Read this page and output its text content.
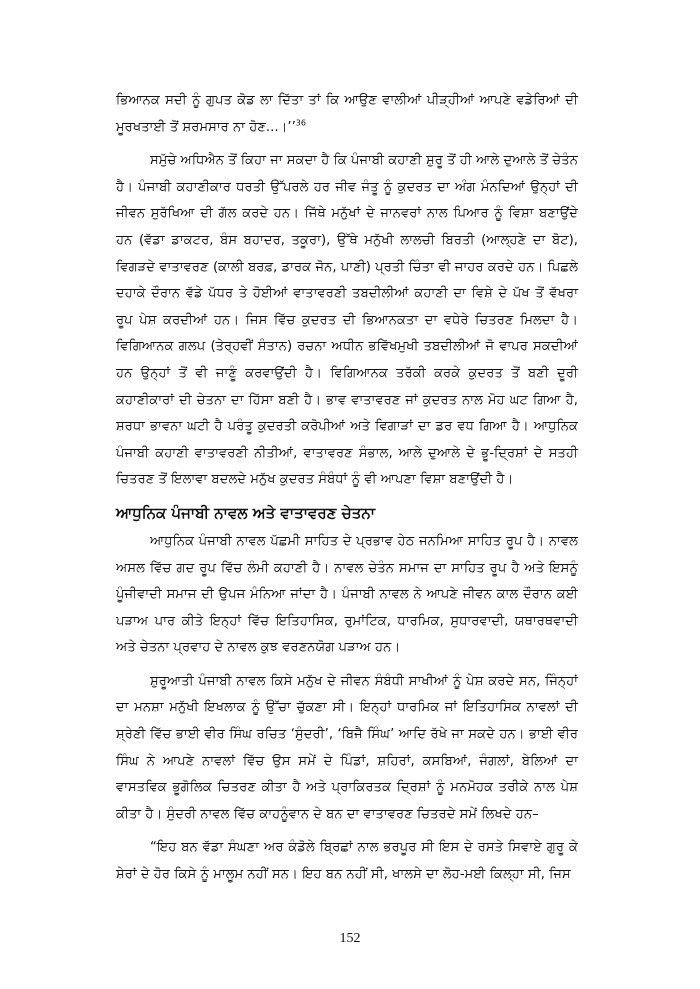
ਭਿਆਨਕ ਸਦੀ ਨੂੰ ਗੁਪਤ ਕੋਡ ਲਾ ਦਿੱਤਾ ਤਾਂ ਕਿ ਆਉਣ ਵਾਲੀਆਂ ਪੀੜ੍ਹੀਆਂ ਆਪਣੇ ਵਡੇਰਿਆਂ ਦੀ ਮੂਰਖਤਾਈ ਤੋਂ ਸ਼ਰਮਸਾਰ ਨਾ ਹੋਣ...।’’$^{36}$

ਸਮੁੱਚੇ ਅਧਿਐਨ ਤੋਂ ਕਿਹਾ ਜਾ ਸਕਦਾ ਹੈ ਕਿ ਪੰਜਾਬੀ ਕਹਾਣੀ ਸ਼ੁਰੂ ਤੋਂ ਹੀ ਆਲੇ ਦੁਆਲੇ ਤੋਂ ਚੇਤੰਨ ਹੈ। ਪੰਜਾਬੀ ਕਹਾਣੀਕਾਰ ਧਰਤੀ ਉੱਪਰਲੇ ਹਰ ਜੀਵ ਜੰਤੂ ਨੂੰ ਕੁਦਰਤ ਦਾ ਅੰਗ ਮੰਨਦਿਆਂ ਉਨ੍ਹਾਂ ਦੀ ਜੀਵਨ ਸੁਰੱਖਿਆ ਦੀ ਗੱਲ ਕਰਦੇ ਹਨ। ਜਿੱਥੇ ਮਨੁੱਖਾਂ ਦੇ ਜਾਨਵਰਾਂ ਨਾਲ ਪਿਆਰ ਨੂੰ ਵਿਸ਼ਾ ਬਣਾਉਂਦੇ ਹਨ (ਵੱਡਾ ਡਾਕਟਰ, ਬੰਸ ਬਹਾਦਰ, ਤਕੂਰਾ), ਉੱਥੇ ਮਨੁੱਖੀ ਲਾਲਚੀ ਬਿਰਤੀ (ਆਲ੍ਹਣੇ ਦਾ ਬੋਟ), ਵਿਗੜਦੇ ਵਾਤਾਵਰਣ (ਕਾਲੀ ਬਰਫ਼, ਡਾਰਕ ਜੋਨ, ਪਾਣੀ) ਪ੍ਰਤੀ ਚਿੰਤਾ ਵੀ ਜਾਹਰ ਕਰਦੇ ਹਨ। ਪਿਛਲੇ ਦਹਾਕੇ ਦੌਰਾਨ ਵੱਡੇ ਪੱਧਰ ਤੇ ਹੋਈਆਂ ਵਾਤਾਵਰਣੀ ਤਬਦੀਲੀਆਂ ਕਹਾਣੀ ਦਾ ਵਿਸ਼ੇ ਦੇ ਪੱਖ ਤੋਂ ਵੱਖਰਾ ਰੂਪ ਪੇਸ਼ ਕਰਦੀਆਂ ਹਨ। ਜਿਸ ਵਿੱਚ ਕੁਦਰਤ ਦੀ ਭਿਆਨਕਤਾ ਦਾ ਵਧੇਰੇ ਚਿਤਰਣ ਮਿਲਦਾ ਹੈ। ਵਿਗਿਆਨਕ ਗਲਪ (ਤੇਰ੍ਹਵੀਂ ਸੰਤਾਨ) ਰਚਨਾ ਅਧੀਨ ਭਵਿੱਖਮੁਖੀ ਤਬਦੀਲੀਆਂ ਜੋ ਵਾਪਰ ਸਕਦੀਆਂ ਹਨ ਉਨ੍ਹਾਂ ਤੋਂ ਵੀ ਜਾਣੂੰ ਕਰਵਾਉਂਦੀ ਹੈ। ਵਿਗਿਆਨਕ ਤਰੱਕੀ ਕਰਕੇ ਕੁਦਰਤ ਤੋਂ ਬਣੀ ਦੂਰੀ ਕਹਾਣੀਕਾਰਾਂ ਦੀ ਚੇਤਨਾ ਦਾ ਹਿੱਸਾ ਬਣੀ ਹੈ। ਭਾਵ ਵਾਤਾਵਰਣ ਜਾਂ ਕੁਦਰਤ ਨਾਲ ਮੋਹ ਘਟ ਗਿਆ ਹੈ, ਸ਼ਰਧਾ ਭਾਵਨਾ ਘਟੀ ਹੈ ਪਰੰਤੂ ਕੁਦਰਤੀ ਕਰੋਪੀਆਂ ਅਤੇ ਵਿਗਾੜਾਂ ਦਾ ਡਰ ਵਧ ਗਿਆ ਹੈ। ਆਧੁਨਿਕ ਪੰਜਾਬੀ ਕਹਾਣੀ ਵਾਤਾਵਰਣੀ ਨੀਤੀਆਂ, ਵਾਤਾਵਰਣ ਸੰਭਾਲ, ਆਲੇ ਦੁਆਲੇ ਦੇ ਭੂ-ਦ੍ਰਿਸ਼ਾਂ ਦੇ ਸਤਹੀ ਚਿਤਰਣ ਤੋਂ ਇਲਾਵਾ ਬਦਲਦੇ ਮਨੁੱਖ ਕੁਦਰਤ ਸੰਬੰਧਾਂ ਨੂੰ ਵੀ ਆਪਣਾ ਵਿਸ਼ਾ ਬਣਾਉਂਦੀ ਹੈ।

ਆਧੁਨਿਕ ਪੰਜਾਬੀ ਨਾਵਲ ਅਤੇ ਵਾਤਾਵਰਣ ਚੇਤਨਾ

ਆਧੁਨਿਕ ਪੰਜਾਬੀ ਨਾਵਲ ਪੱਛਮੀ ਸਾਹਿਤ ਦੇ ਪ੍ਰਭਾਵ ਹੇਠ ਜਨਮਿਆ ਸਾਹਿਤ ਰੂਪ ਹੈ। ਨਾਵਲ ਅਸਲ ਵਿੱਚ ਗਦ ਰੂਪ ਵਿੱਚ ਲੰਮੀ ਕਹਾਣੀ ਹੈ। ਨਾਵਲ ਚੇਤੰਨ ਸਮਾਜ ਦਾ ਸਾਹਿਤ ਰੂਪ ਹੈ ਅਤੇ ਇਸਨੂੰ ਪੂੰਜੀਵਾਦੀ ਸਮਾਜ ਦੀ ਉਪਜ ਮੰਨਿਆ ਜਾਂਦਾ ਹੈ। ਪੰਜਾਬੀ ਨਾਵਲ ਨੇ ਆਪਣੇ ਜੀਵਨ ਕਾਲ ਦੌਰਾਨ ਕਈ ਪੜਾਅ ਪਾਰ ਕੀਤੇ ਇਨ੍ਹਾਂ ਵਿੱਚ ਇਤਿਹਾਸਿਕ, ਰੁਮਾਂਟਿਕ, ਧਾਰਮਿਕ, ਸੁਧਾਰਵਾਦੀ, ਯਥਾਰਥਵਾਦੀ ਅਤੇ ਚੇਤਨਾ ਪ੍ਰਵਾਹ ਦੇ ਨਾਵਲ ਕੁਝ ਵਰਣਨਯੋਗ ਪੜਾਅ ਹਨ।

ਸ਼ੁਰੂਆਤੀ ਪੰਜਾਬੀ ਨਾਵਲ ਕਿਸੇ ਮਨੁੱਖ ਦੇ ਜੀਵਨ ਸੰਬੰਧੀ ਸਾਖੀਆਂ ਨੂੰ ਪੇਸ਼ ਕਰਦੇ ਸਨ, ਜਿੰਨ੍ਹਾਂ ਦਾ ਮਨਸ਼ਾ ਮਨੁੱਖੀ ਇਖਲਾਕ ਨੂੰ ਉੱਚਾ ਚੁੱਕਣਾ ਸੀ। ਇਨ੍ਹਾਂ ਧਾਰਮਿਕ ਜਾਂ ਇਤਿਹਾਸਿਕ ਨਾਵਲਾਂ ਦੀ ਸ਼੍ਰੇਣੀ ਵਿੱਚ ਭਾਈ ਵੀਰ ਸਿੰਘ ਰਚਿਤ ‘ਸੁੰਦਰੀ’, ‘ਬਿਜੈ ਸਿੰਘ’ ਆਦਿ ਰੱਖੇ ਜਾ ਸਕਦੇ ਹਨ। ਭਾਈ ਵੀਰ ਸਿੰਘ ਨੇ ਆਪਣੇ ਨਾਵਲਾਂ ਵਿੱਚ ਉਸ ਸਮੇਂ ਦੇ ਪਿੰਡਾਂ, ਸ਼ਹਿਰਾਂ, ਕਸਬਿਆਂ, ਜੰਗਲਾਂ, ਬੇਲਿਆਂ ਦਾ ਵਾਸਤਵਿਕ ਭੂਗੋਲਿਕ ਚਿਤਰਣ ਕੀਤਾ ਹੈ ਅਤੇ ਪ੍ਰਾਕਿਰਤਕ ਦ੍ਰਿਸ਼ਾਂ ਨੂੰ ਮਨਮੋਹਕ ਤਰੀਕੇ ਨਾਲ ਪੇਸ਼ ਕੀਤਾ ਹੈ। ਸੁੰਦਰੀ ਨਾਵਲ ਵਿੱਚ ਕਾਹਨੂੰਵਾਨ ਦੇ ਬਨ ਦਾ ਵਾਤਾਵਰਣ ਚਿਤਰਦੇ ਸਮੇਂ ਲਿਖਦੇ ਹਨ–

“ਇਹ ਬਨ ਵੱਡਾ ਸੰਘਣਾ ਅਰ ਕੰਡੋਲੇ ਬ੍ਰਿਛਾਂ ਨਾਲ ਭਰਪੂਰ ਸੀ ਇਸ ਦੇ ਰਸਤੇ ਸਿਵਾਏ ਗੁਰੂ ਕੇ ਸ਼ੇਰਾਂ ਦੇ ਹੋਰ ਕਿਸੇ ਨੂੰ ਮਾਲੂਮ ਨਹੀਂ ਸਨ। ਇਹ ਬਨ ਨਹੀਂ ਸੀ, ਖਾਲਸੇ ਦਾ ਲੋਹ-ਮਈ ਕਿਲ੍ਹਾ ਸੀ, ਜਿਸ

152
